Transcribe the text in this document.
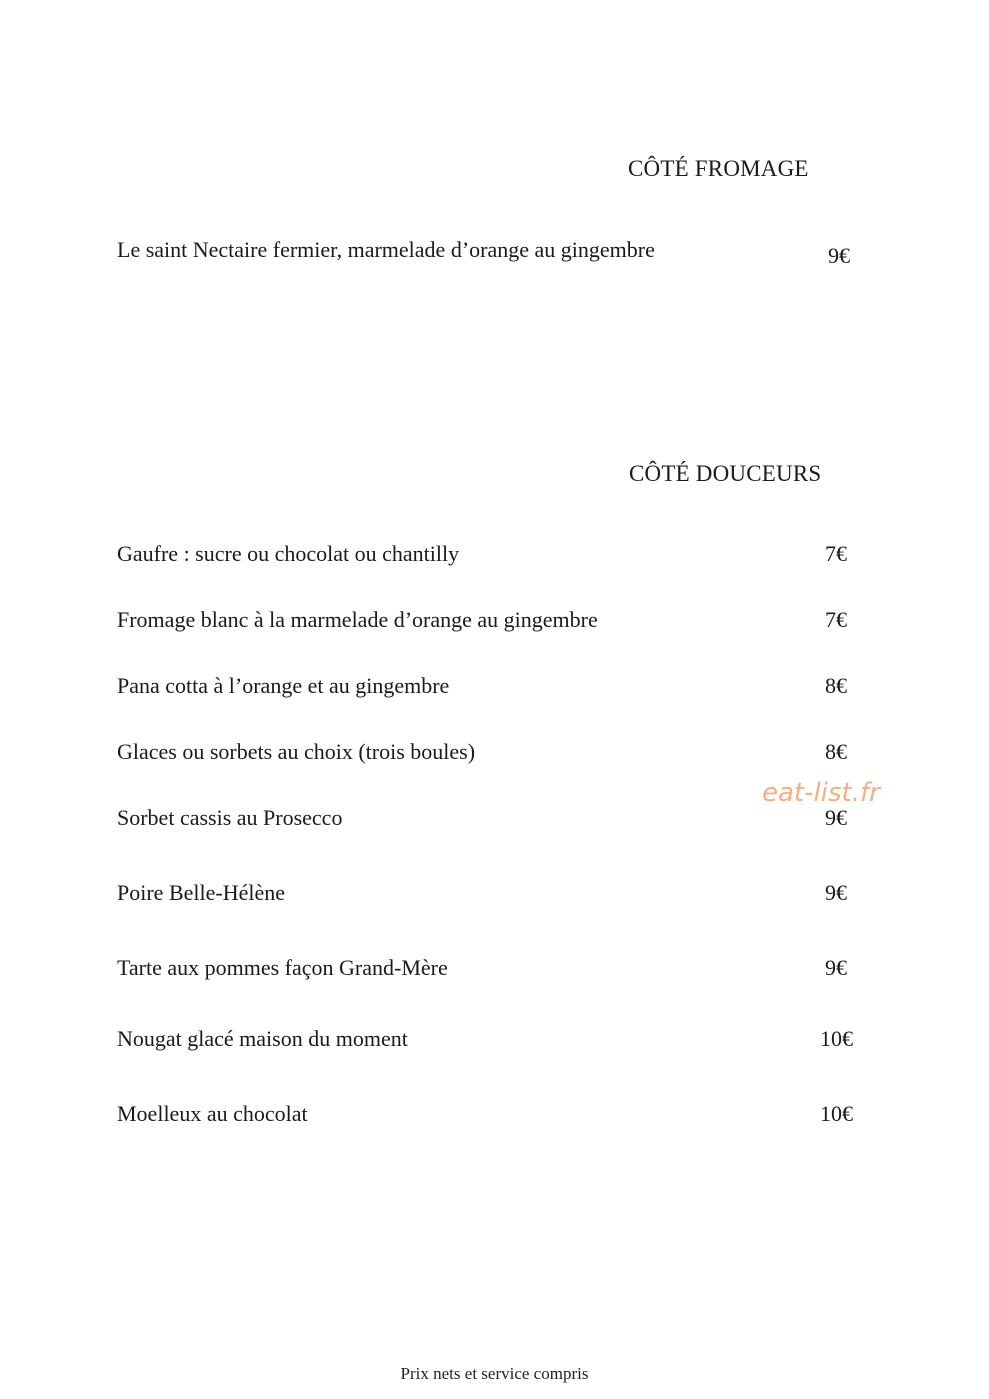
CÔTÉ FROMAGE
Le saint Nectaire fermier, marmelade d’orange au gingembre	9€
CÔTÉ DOUCEURS
Gaufre : sucre ou chocolat ou chantilly	7€
Fromage blanc à la marmelade d’orange au gingembre	7€
Pana cotta à l’orange et au gingembre	8€
Glaces ou sorbets au choix (trois boules)	8€
Sorbet cassis au Prosecco	9€
Poire Belle-Hélène	9€
Tarte aux pommes façon Grand-Mère	9€
Nougat glacé maison du moment	10€
Moelleux au chocolat	10€
eat-list.fr
Prix nets et service compris
